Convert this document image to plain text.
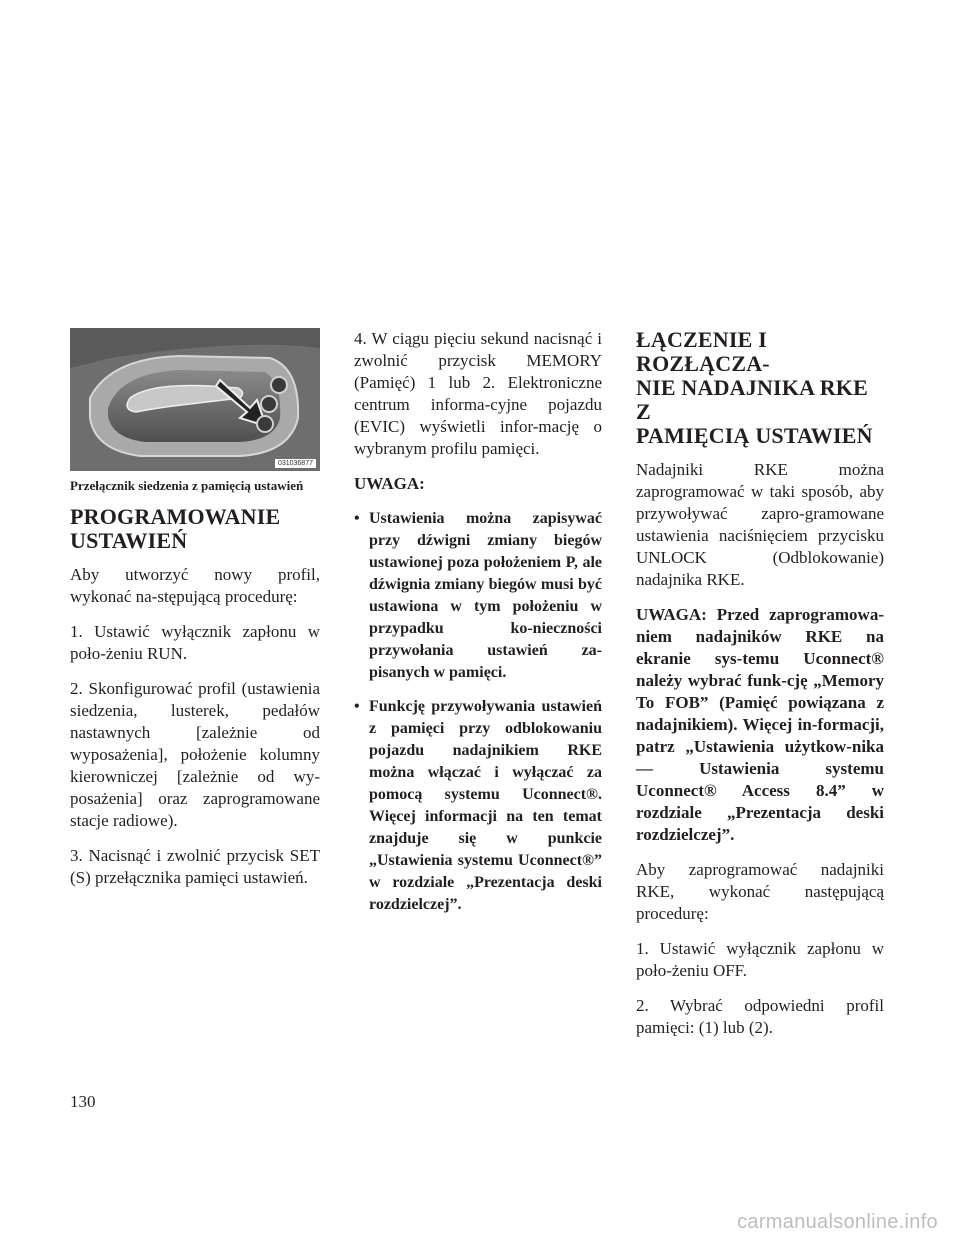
031036877
Przełącznik siedzenia z pamięcią ustawień
PROGRAMOWANIE
USTAWIEŃ

Aby utworzyć nowy profil, wykonać na-stępującą procedurę:

1. Ustawić wyłącznik zapłonu w poło-żeniu RUN.

2. Skonfigurować profil (ustawienia siedzenia, lusterek, pedałów nastawnych [zależnie od wyposażenia], położenie kolumny kierowniczej [zależnie od wy-posażenia] oraz zaprogramowane stacje radiowe).

3. Nacisnąć i zwolnić przycisk SET (S) przełącznika pamięci ustawień.

4. W ciągu pięciu sekund nacisnąć i zwolnić przycisk MEMORY (Pamięć) 1 lub 2. Elektroniczne centrum informa-cyjne pojazdu (EVIC) wyświetli infor-mację o wybranym profilu pamięci.

UWAGA:

• Ustawienia można zapisywać przy dźwigni zmiany biegów ustawionej poza położeniem P, ale dźwignia zmiany biegów musi być ustawiona w tym położeniu w przypadku ko-nieczności przywołania ustawień za-pisanych w pamięci.
• Funkcję przywoływania ustawień z pamięci przy odblokowaniu pojazdu nadajnikiem RKE można włączać i wyłączać za pomocą systemu Uconnect®. Więcej informacji na ten temat znajduje się w punkcie „Ustawienia systemu Uconnect®” w rozdziale „Prezentacja deski rozdzielczej”.
ŁĄCZENIE I ROZŁĄCZA-
NIE NADAJNIKA RKE Z
PAMIĘCIĄ USTAWIEŃ

Nadajniki RKE można zaprogramować w taki sposób, aby przywoływać zapro-gramowane ustawienia naciśnięciem przycisku UNLOCK (Odblokowanie) nadajnika RKE.

UWAGA: Przed zaprogramowa-niem nadajników RKE na ekranie sys-temu Uconnect® należy wybrać funk-cję „Memory To FOB” (Pamięć powiązana z nadajnikiem). Więcej in-formacji, patrz „Ustawienia użytkow-nika — Ustawienia systemu Uconnect® Access 8.4” w rozdziale „Prezentacja deski rozdzielczej”.

Aby zaprogramować nadajniki RKE, wykonać następującą procedurę:

1. Ustawić wyłącznik zapłonu w poło-żeniu OFF.

2. Wybrać odpowiedni profil pamięci: (1) lub (2).

130
carmanualsonline.info
